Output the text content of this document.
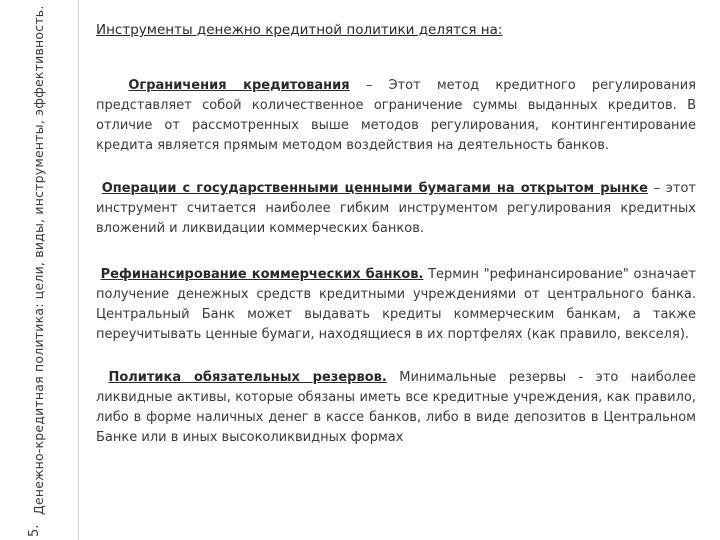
Денежно-кредитная политика: цели, виды, инструменты, эффективность.
5.
Инструменты денежно кредитной политики делятся на:

Ограничения кредитования – Этот метод кредитного регулирования представляет собой количественное ограничение суммы выданных кредитов. В отличие от рассмотренных выше методов регулирования, контингентирование кредита является прямым методом воздействия на деятельность банков.

Операции с государственными ценными бумагами на открытом рынке – этот инструмент считается наиболее гибким инструментом регулирования кредитных вложений и ликвидации коммерческих банков.

Рефинансирование коммерческих банков. Термин "рефинансирование" означает получение денежных средств кредитными учреждениями от центрального банка. Центральный Банк может выдавать кредиты коммерческим банкам, а также переучитывать ценные бумаги, находящиеся в их портфелях (как правило, векселя).

Политика обязательных резервов. Минимальные резервы - это наиболее ликвидные активы, которые обязаны иметь все кредитные учреждения, как правило, либо в форме наличных денег в кассе банков, либо в виде депозитов в Центральном Банке или в иных высоколиквидных формах
